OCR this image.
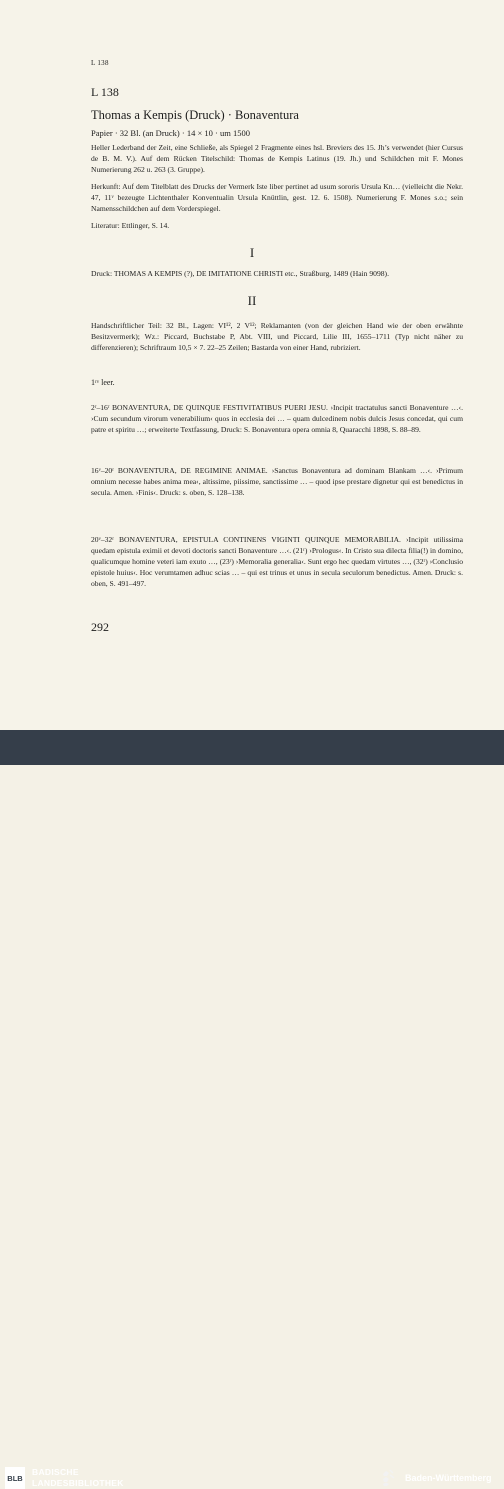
L 138
L 138
Thomas a Kempis (Druck) · Bonaventura
Papier · 32 Bl. (an Druck) · 14 × 10 · um 1500
Heller Lederband der Zeit, eine Schließe, als Spiegel 2 Fragmente eines hsl. Breviers des 15. Jh’s verwendet (hier Cursus de B. M. V.). Auf dem Rücken Titelschild: Thomas de Kempis Latinus (19. Jh.) und Schildchen mit F. Mones Numerierung 262 u. 263 (3. Gruppe).
Herkunft: Auf dem Titelblatt des Drucks der Vermerk Iste liber pertinet ad usum sororis Ursula Kn… (vielleicht die Nekr. 47, 11ᵛ bezeugte Lichtenthaler Konventualin Ursula Knüttlin, gest. 12. 6. 1508). Numerierung F. Mones s.o.; sein Namensschildchen auf dem Vorderspiegel.
Literatur: Ettlinger, S. 14.
I
Druck: THOMAS A KEMPIS (?), DE IMITATIONE CHRISTI etc., Straßburg, 1489 (Hain 9098).
II
Handschriftlicher Teil: 32 Bl., Lagen: VI¹², 2 V¹²; Reklamanten (von der gleichen Hand wie der oben erwähnte Besitzvermerk); Wz.: Piccard, Buchstabe P, Abt. VIII, und Piccard, Lilie III, 1655–1711 (Typ nicht näher zu differenzieren); Schriftraum 10,5 × 7. 22–25 Zeilen; Bastarda von einer Hand, rubriziert.
1ʳᵛ leer.
2ʳ–16ʳ BONAVENTURA, DE QUINQUE FESTIVITATIBUS PUERI JESU. ›Incipit tractatulus sancti Bonaventure …‹. ›Cum secundum virorum venerabilium‹ quos in ecclesia dei … – quam dulcedinem nobis dulcis Jesus concedat, qui cum patre et spiritu …; erweiterte Textfassung, Druck: S. Bonaventura opera omnia 8, Quaracchi 1898, S. 88–89.
16ᵛ–20ʳ BONAVENTURA, DE REGIMINE ANIMAE. ›Sanctus Bonaventura ad dominam Blankam …‹. ›Primum omnium necesse habes anima mea‹, altissime, piissime, sanctissime … – quod ipse prestare dignetur qui est benedictus in secula. Amen. ›Finis‹. Druck: s. oben, S. 128–138.
20ᵛ–32ʳ BONAVENTURA, EPISTULA CONTINENS VIGINTI QUINQUE MEMORABILIA. ›Incipit utilissima quedam epistula eximii et devoti doctoris sancti Bonaventure …‹. (21ʳ) ›Prologus‹. In Cristo sua dilecta filia(!) in domino, qualicumque homine veteri iam exuto …, (23ʳ) ›Memoralia generalia‹. Sunt ergo hec quedam virtutes …, (32ʳ) ›Conclusio epistole huius‹. Hoc verumtamen adhuc scias … – qui est trinus et unus in secula seculorum benedictus. Amen. Druck: s. oben, S. 491–497.
292
BLB
BADISCHE
LANDESBIBLIOTHEK	Baden-Württemberg
